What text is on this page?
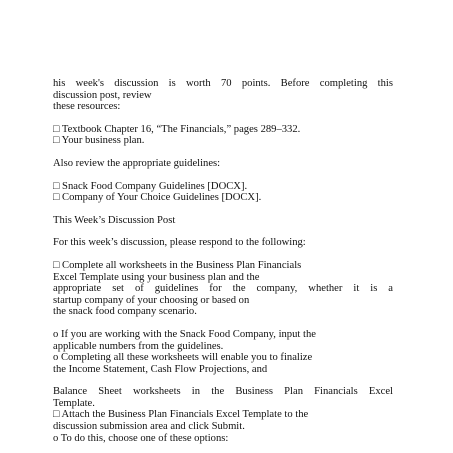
his week's discussion is worth 70 points. Before completing this
discussion post, review
these resources:
□ Textbook Chapter 16, “The Financials,” pages 289–332.
□ Your business plan.
Also review the appropriate guidelines:
□ Snack Food Company Guidelines [DOCX].
□ Company of Your Choice Guidelines [DOCX].
This Week’s Discussion Post
For this week’s discussion, please respond to the following:
□ Complete all worksheets in the Business Plan Financials
Excel Template using your business plan and the
appropriate set of guidelines for the company, whether it is a
startup company of your choosing or based on
the snack food company scenario.
o If you are working with the Snack Food Company, input the
applicable numbers from the guidelines.
o Completing all these worksheets will enable you to finalize
the Income Statement, Cash Flow Projections, and
Balance Sheet worksheets in the Business Plan Financials Excel
Template.
□ Attach the Business Plan Financials Excel Template to the
discussion submission area and click Submit.
o To do this, choose one of these options:
